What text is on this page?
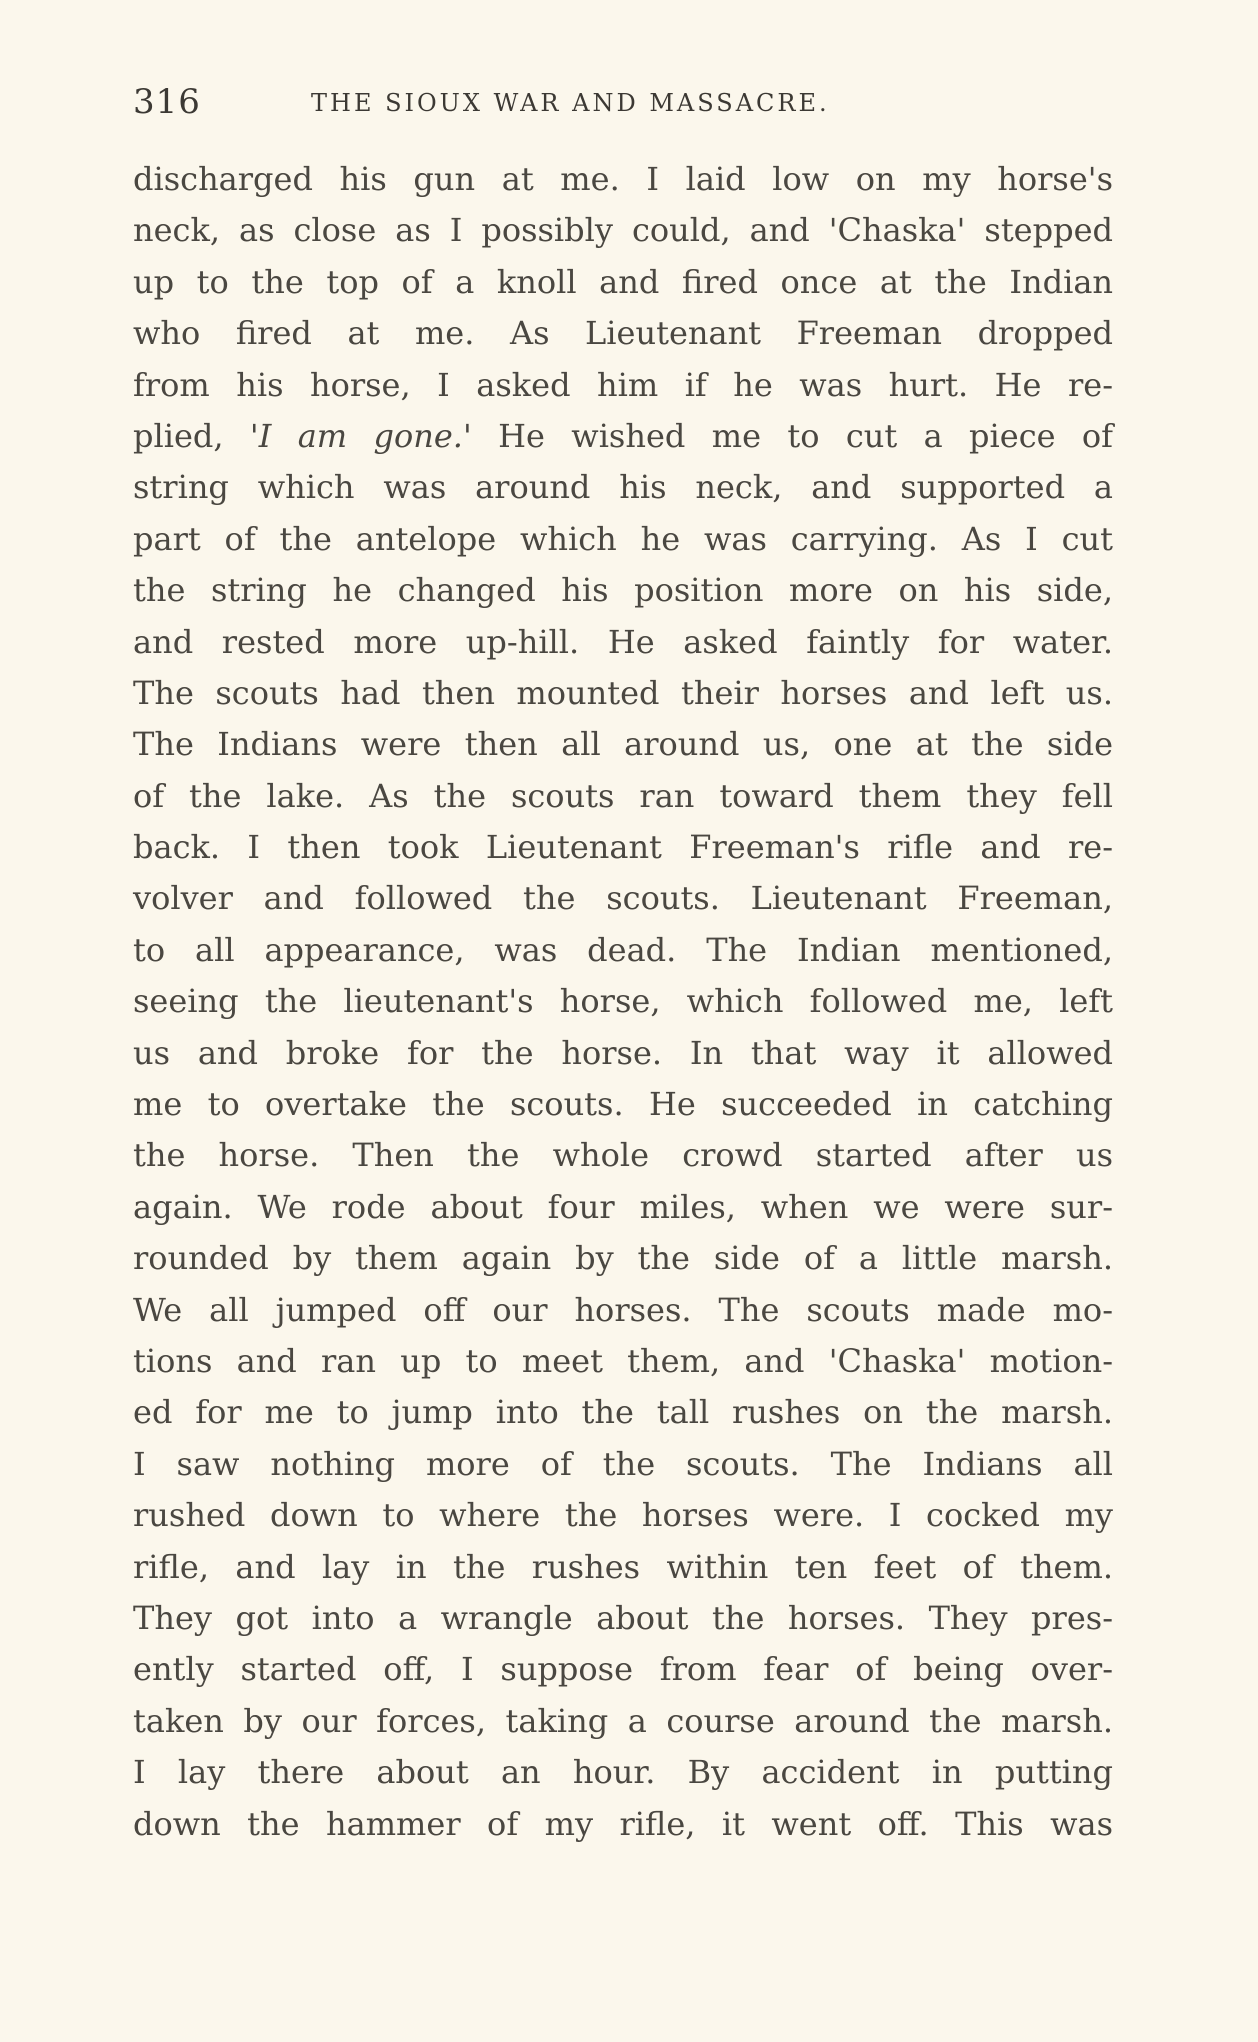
316	THE SIOUX WAR AND MASSACRE.
discharged his gun at me. I laid low on my horse's
neck, as close as I possibly could, and 'Chaska' stepped
up to the top of a knoll and fired once at the Indian
who fired at me. As Lieutenant Freeman dropped
from his horse, I asked him if he was hurt. He re-
plied, 'I am gone.' He wished me to cut a piece of
string which was around his neck, and supported a
part of the antelope which he was carrying. As I cut
the string he changed his position more on his side,
and rested more up-hill. He asked faintly for water.
The scouts had then mounted their horses and left us.
The Indians were then all around us, one at the side
of the lake. As the scouts ran toward them they fell
back. I then took Lieutenant Freeman's rifle and re-
volver and followed the scouts. Lieutenant Freeman,
to all appearance, was dead. The Indian mentioned,
seeing the lieutenant's horse, which followed me, left
us and broke for the horse. In that way it allowed
me to overtake the scouts. He succeeded in catching
the horse. Then the whole crowd started after us
again. We rode about four miles, when we were sur-
rounded by them again by the side of a little marsh.
We all jumped off our horses. The scouts made mo-
tions and ran up to meet them, and 'Chaska' motion-
ed for me to jump into the tall rushes on the marsh.
I saw nothing more of the scouts. The Indians all
rushed down to where the horses were. I cocked my
rifle, and lay in the rushes within ten feet of them.
They got into a wrangle about the horses. They pres-
ently started off, I suppose from fear of being over-
taken by our forces, taking a course around the marsh.
I lay there about an hour. By accident in putting
down the hammer of my rifle, it went off. This was
